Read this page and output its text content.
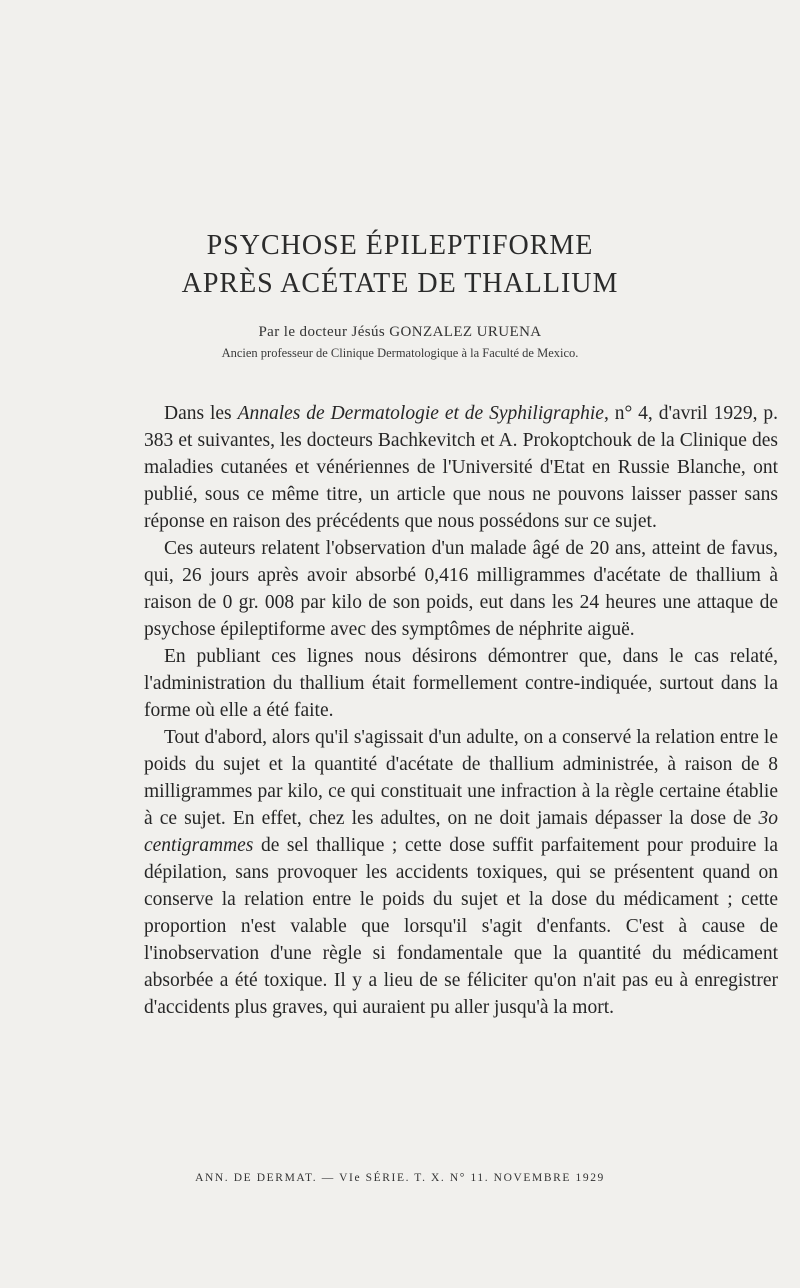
PSYCHOSE ÉPILEPTIFORME
APRÈS ACÉTATE DE THALLIUM
Par le docteur Jésús GONZALEZ URUENA
Ancien professeur de Clinique Dermatologique à la Faculté de Mexico.

Dans les Annales de Dermatologie et de Syphiligraphie, n° 4, d'avril 1929, p. 383 et suivantes, les docteurs Bachkevitch et A. Prokoptchouk de la Clinique des maladies cutanées et vénériennes de l'Université d'Etat en Russie Blanche, ont publié, sous ce même titre, un article que nous ne pouvons laisser passer sans réponse en raison des précédents que nous possédons sur ce sujet.

Ces auteurs relatent l'observation d'un malade âgé de 20 ans, atteint de favus, qui, 26 jours après avoir absorbé 0,416 milligrammes d'acétate de thallium à raison de 0 gr. 008 par kilo de son poids, eut dans les 24 heures une attaque de psychose épileptiforme avec des symptômes de néphrite aiguë.

En publiant ces lignes nous désirons démontrer que, dans le cas relaté, l'administration du thallium était formellement contre-indiquée, surtout dans la forme où elle a été faite.

Tout d'abord, alors qu'il s'agissait d'un adulte, on a conservé la relation entre le poids du sujet et la quantité d'acétate de thallium administrée, à raison de 8 milligrammes par kilo, ce qui constituait une infraction à la règle certaine établie à ce sujet. En effet, chez les adultes, on ne doit jamais dépasser la dose de 3o centigrammes de sel thallique ; cette dose suffit parfaitement pour produire la dépilation, sans provoquer les accidents toxiques, qui se présentent quand on conserve la relation entre le poids du sujet et la dose du médicament ; cette proportion n'est valable que lorsqu'il s'agit d'enfants. C'est à cause de l'inobservation d'une règle si fondamentale que la quantité du médicament absorbée a été toxique. Il y a lieu de se féliciter qu'on n'ait pas eu à enregistrer d'accidents plus graves, qui auraient pu aller jusqu'à la mort.

ANN. DE DERMAT. — VIe SÉRIE. T. X. N° 11. NOVEMBRE 1929
